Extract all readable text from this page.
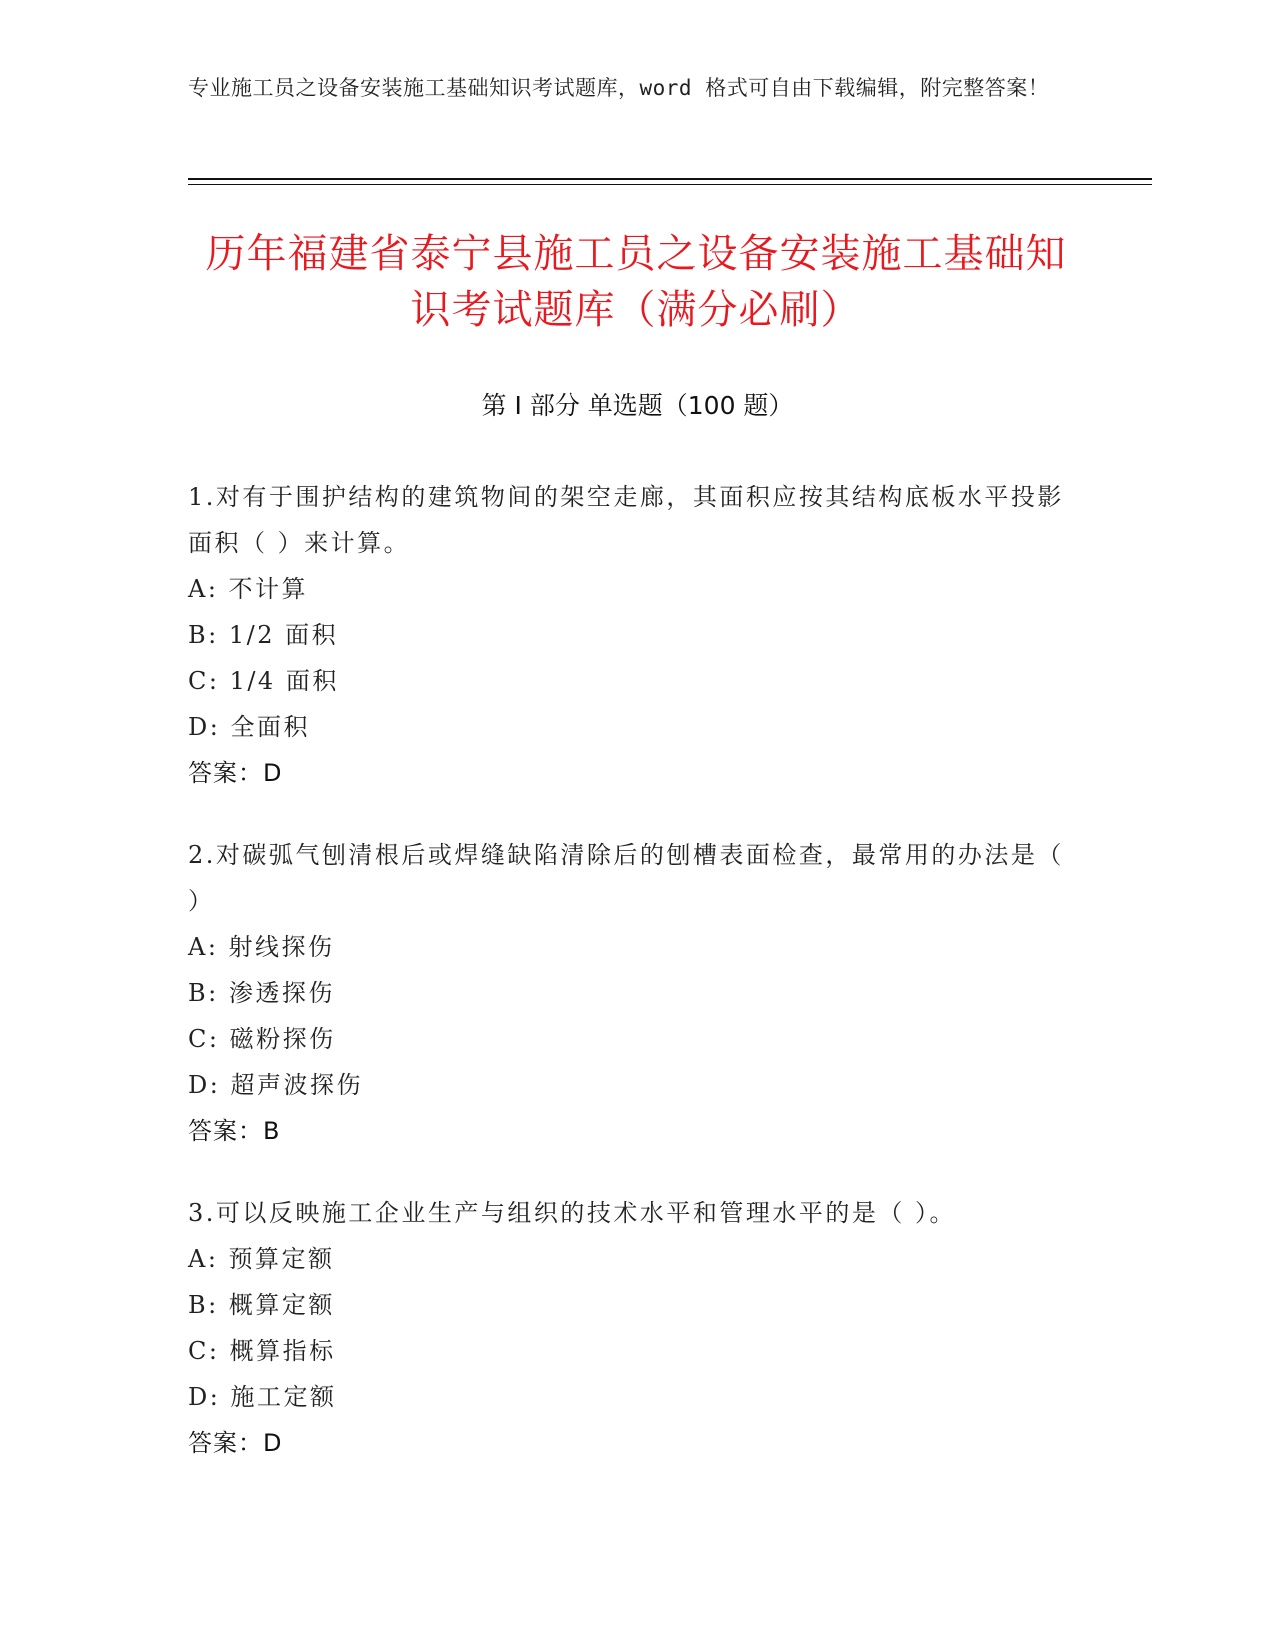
专业施工员之设备安装施工基础知识考试题库，word 格式可自由下载编辑，附完整答案！
历年福建省泰宁县施工员之设备安装施工基础知识考试题库（满分必刷）
第 I 部分 单选题（100 题）
1.对有于围护结构的建筑物间的架空走廊，其面积应按其结构底板水平投影面积（ ）来计算。
A: 不计算
B: 1/2 面积
C: 1/4 面积
D: 全面积
答案：D
2.对碳弧气刨清根后或焊缝缺陷清除后的刨槽表面检查，最常用的办法是（ ）
A: 射线探伤
B: 渗透探伤
C: 磁粉探伤
D: 超声波探伤
答案：B
3.可以反映施工企业生产与组织的技术水平和管理水平的是（ ）。
A: 预算定额
B: 概算定额
C: 概算指标
D: 施工定额
答案：D
